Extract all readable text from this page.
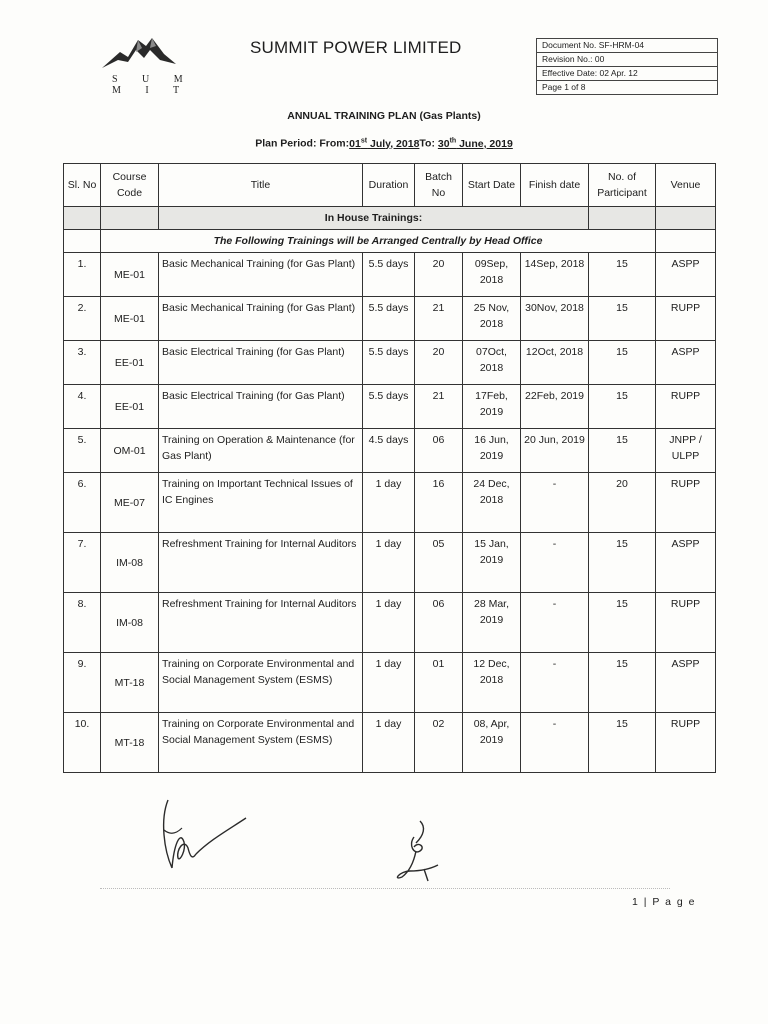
S U M M I T
SUMMIT POWER LIMITED	Document No. SF-HRM-04
Revision No.: 00
Effective Date: 02 Apr. 12
Page 1 of 8
ANNUAL TRAINING PLAN (Gas Plants)
Plan Period: From:01st July, 2018To: 30th June, 2019
Sl. No	Course Code	Title	Duration	Batch No	Start Date	Finish date	No. of Participant	Venue
		In House Trainings:						
	The Following Trainings will be Arranged Centrally by Head Office							
1.	ME-01	Basic Mechanical Training (for Gas Plant)	5.5 days	20	09Sep, 2018	14Sep, 2018	15	ASPP
2.	ME-01	Basic Mechanical Training (for Gas Plant)	5.5 days	21	25 Nov, 2018	30Nov, 2018	15	RUPP
3.	EE-01	Basic Electrical Training (for Gas Plant)	5.5 days	20	07Oct, 2018	12Oct, 2018	15	ASPP
4.	EE-01	Basic Electrical Training (for Gas Plant)	5.5 days	21	17Feb, 2019	22Feb, 2019	15	RUPP
5.	OM-01	Training on Operation & Maintenance (for Gas Plant)	4.5 days	06	16 Jun, 2019	20 Jun, 2019	15	JNPP / ULPP
6.	ME-07	Training on Important Technical Issues of IC Engines	1 day	16	24 Dec, 2018	-	20	RUPP
7.	IM-08	Refreshment Training for Internal Auditors	1 day	05	15 Jan, 2019	-	15	ASPP
8.	IM-08	Refreshment Training for Internal Auditors	1 day	06	28 Mar, 2019	-	15	RUPP
9.	MT-18	Training on Corporate Environmental and Social Management System (ESMS)	1 day	01	12 Dec, 2018	-	15	ASPP
10.	MT-18	Training on Corporate Environmental and Social Management System (ESMS)	1 day	02	08, Apr, 2019	-	15	RUPP
1 | P a g e
